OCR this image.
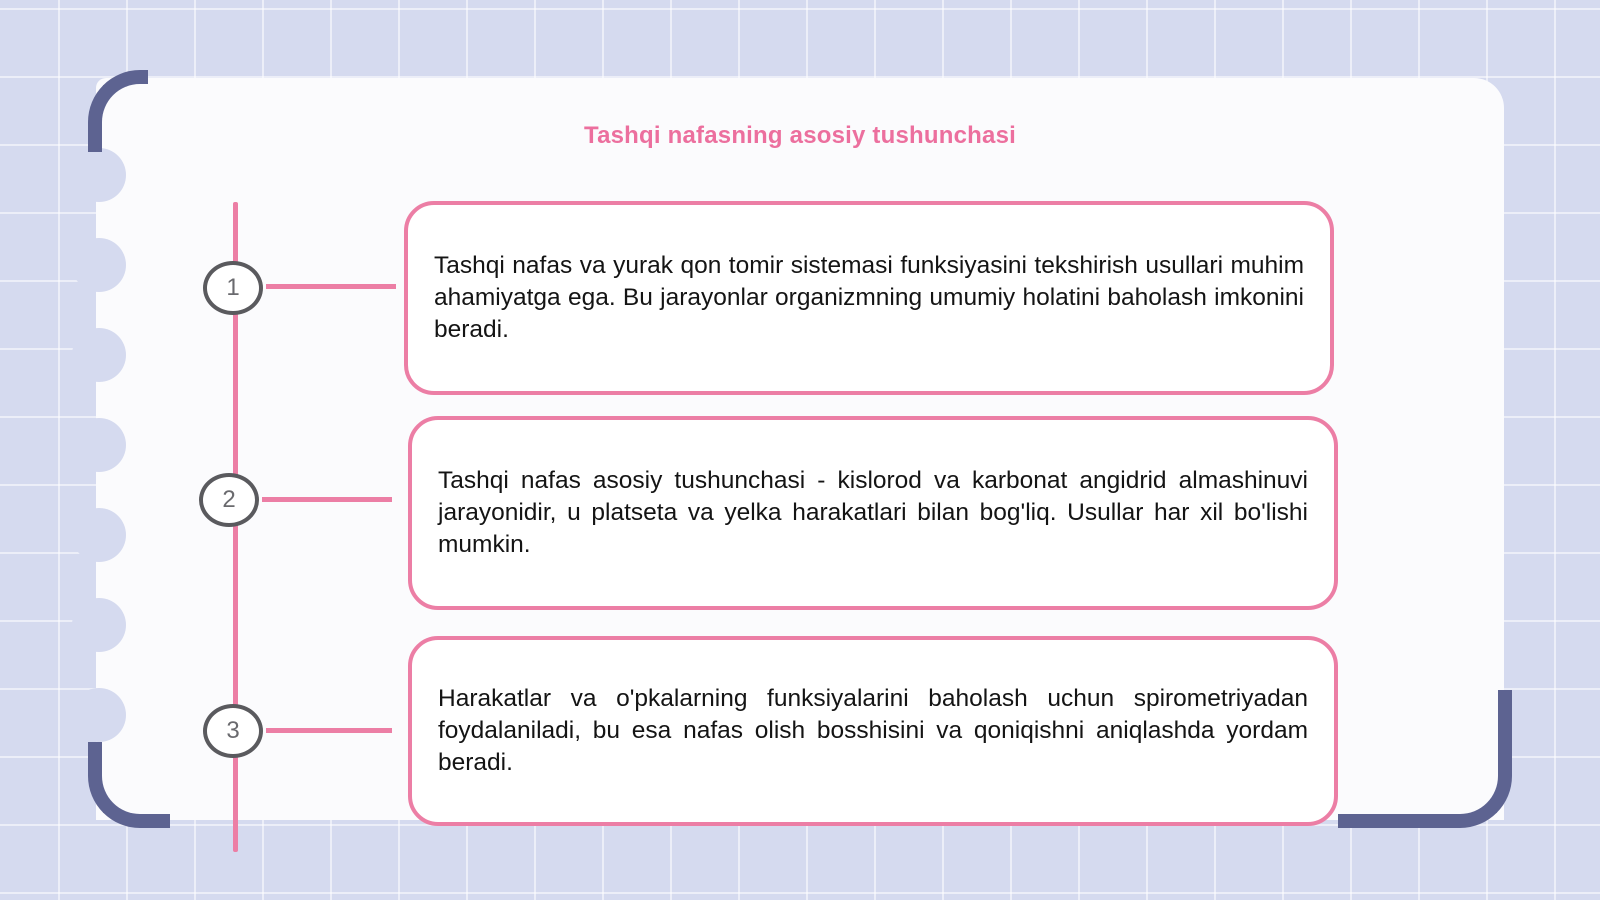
Tashqi nafasning asosiy tushunchasi
1

Tashqi nafas va yurak qon tomir sistemasi funksiyasini tekshirish usullari muhim ahamiyatga ega. Bu jarayonlar organizmning umumiy holatini baholash imkonini beradi.

2

Tashqi nafas asosiy tushunchasi - kislorod va karbonat angidrid almashinuvi jarayonidir, u platseta va yelka harakatlari bilan bog'liq. Usullar har xil bo'lishi mumkin.

3

Harakatlar va o'pkalarning funksiyalarini baholash uchun spirometriyadan foydalaniladi, bu esa nafas olish bosshisini va qoniqishni aniqlashda yordam beradi.
